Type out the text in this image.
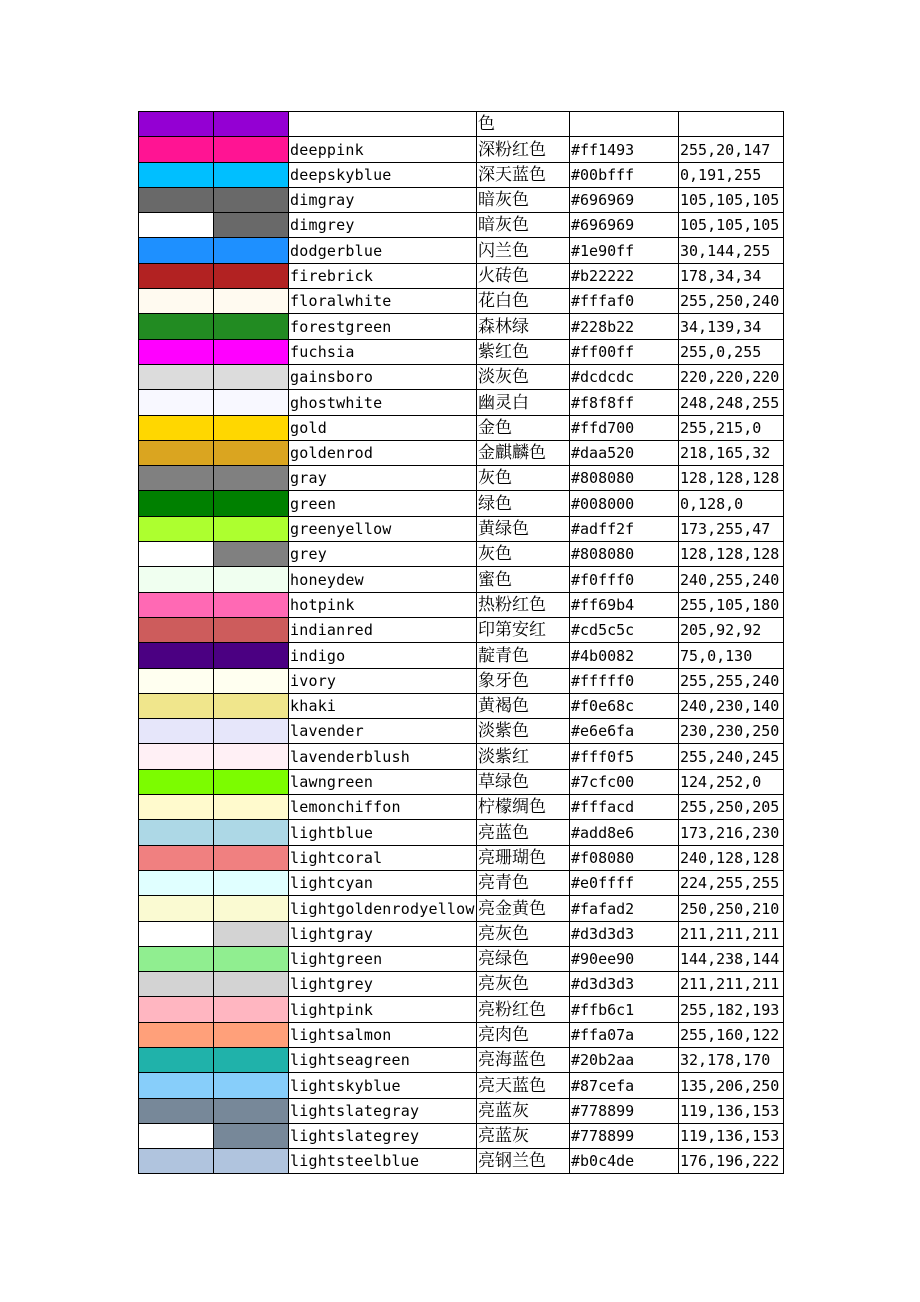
			色		
		deeppink	深粉红色	#ff1493	255,20,147
		deepskyblue	深天蓝色	#00bfff	0,191,255
		dimgray	暗灰色	#696969	105,105,105
		dimgrey	暗灰色	#696969	105,105,105
		dodgerblue	闪兰色	#1e90ff	30,144,255
		firebrick	火砖色	#b22222	178,34,34
		floralwhite	花白色	#fffaf0	255,250,240
		forestgreen	森林绿	#228b22	34,139,34
		fuchsia	紫红色	#ff00ff	255,0,255
		gainsboro	淡灰色	#dcdcdc	220,220,220
		ghostwhite	幽灵白	#f8f8ff	248,248,255
		gold	金色	#ffd700	255,215,0
		goldenrod	金麒麟色	#daa520	218,165,32
		gray	灰色	#808080	128,128,128
		green	绿色	#008000	0,128,0
		greenyellow	黄绿色	#adff2f	173,255,47
		grey	灰色	#808080	128,128,128
		honeydew	蜜色	#f0fff0	240,255,240
		hotpink	热粉红色	#ff69b4	255,105,180
		indianred	印第安红	#cd5c5c	205,92,92
		indigo	靛青色	#4b0082	75,0,130
		ivory	象牙色	#fffff0	255,255,240
		khaki	黄褐色	#f0e68c	240,230,140
		lavender	淡紫色	#e6e6fa	230,230,250
		lavenderblush	淡紫红	#fff0f5	255,240,245
		lawngreen	草绿色	#7cfc00	124,252,0
		lemonchiffon	柠檬绸色	#fffacd	255,250,205
		lightblue	亮蓝色	#add8e6	173,216,230
		lightcoral	亮珊瑚色	#f08080	240,128,128
		lightcyan	亮青色	#e0ffff	224,255,255
		lightgoldenrodyellow	亮金黄色	#fafad2	250,250,210
		lightgray	亮灰色	#d3d3d3	211,211,211
		lightgreen	亮绿色	#90ee90	144,238,144
		lightgrey	亮灰色	#d3d3d3	211,211,211
		lightpink	亮粉红色	#ffb6c1	255,182,193
		lightsalmon	亮肉色	#ffa07a	255,160,122
		lightseagreen	亮海蓝色	#20b2aa	32,178,170
		lightskyblue	亮天蓝色	#87cefa	135,206,250
		lightslategray	亮蓝灰	#778899	119,136,153
		lightslategrey	亮蓝灰	#778899	119,136,153
		lightsteelblue	亮钢兰色	#b0c4de	176,196,222
